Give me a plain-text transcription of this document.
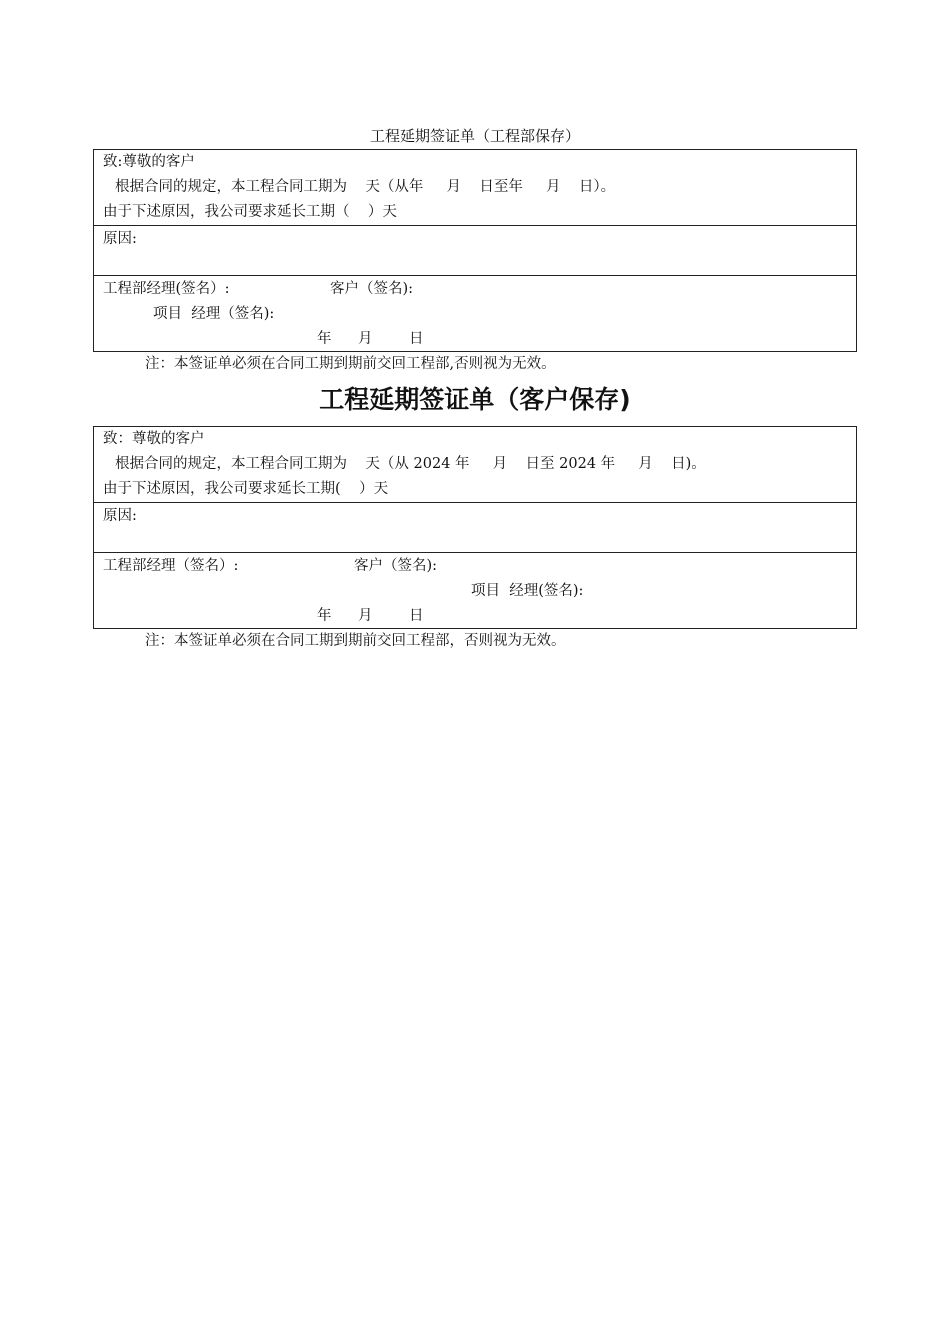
工程延期签证单（工程部保存）
致:尊敬的客户
根据合同的规定，本工程合同工期为    天（从年     月    日至年     月    日）。
由于下述原因，我公司要求延长工期（    ）天
原因:
工程部经理(签名）:	客户（签名):
项目  经理（签名):
年 月	日
注：本签证单必须在合同工期到期前交回工程部,否则视为无效。
工程延期签证单（客户保存)
致：尊敬的客户
根据合同的规定，本工程合同工期为    天（从 2024 年     月    日至 2024 年     月    日)。
由于下述原因，我公司要求延长工期(    ）天
原因:
工程部经理（签名）:	客户（签名):
项目  经理(签名):
年 月	日
注：本签证单必须在合同工期到期前交回工程部，否则视为无效。
